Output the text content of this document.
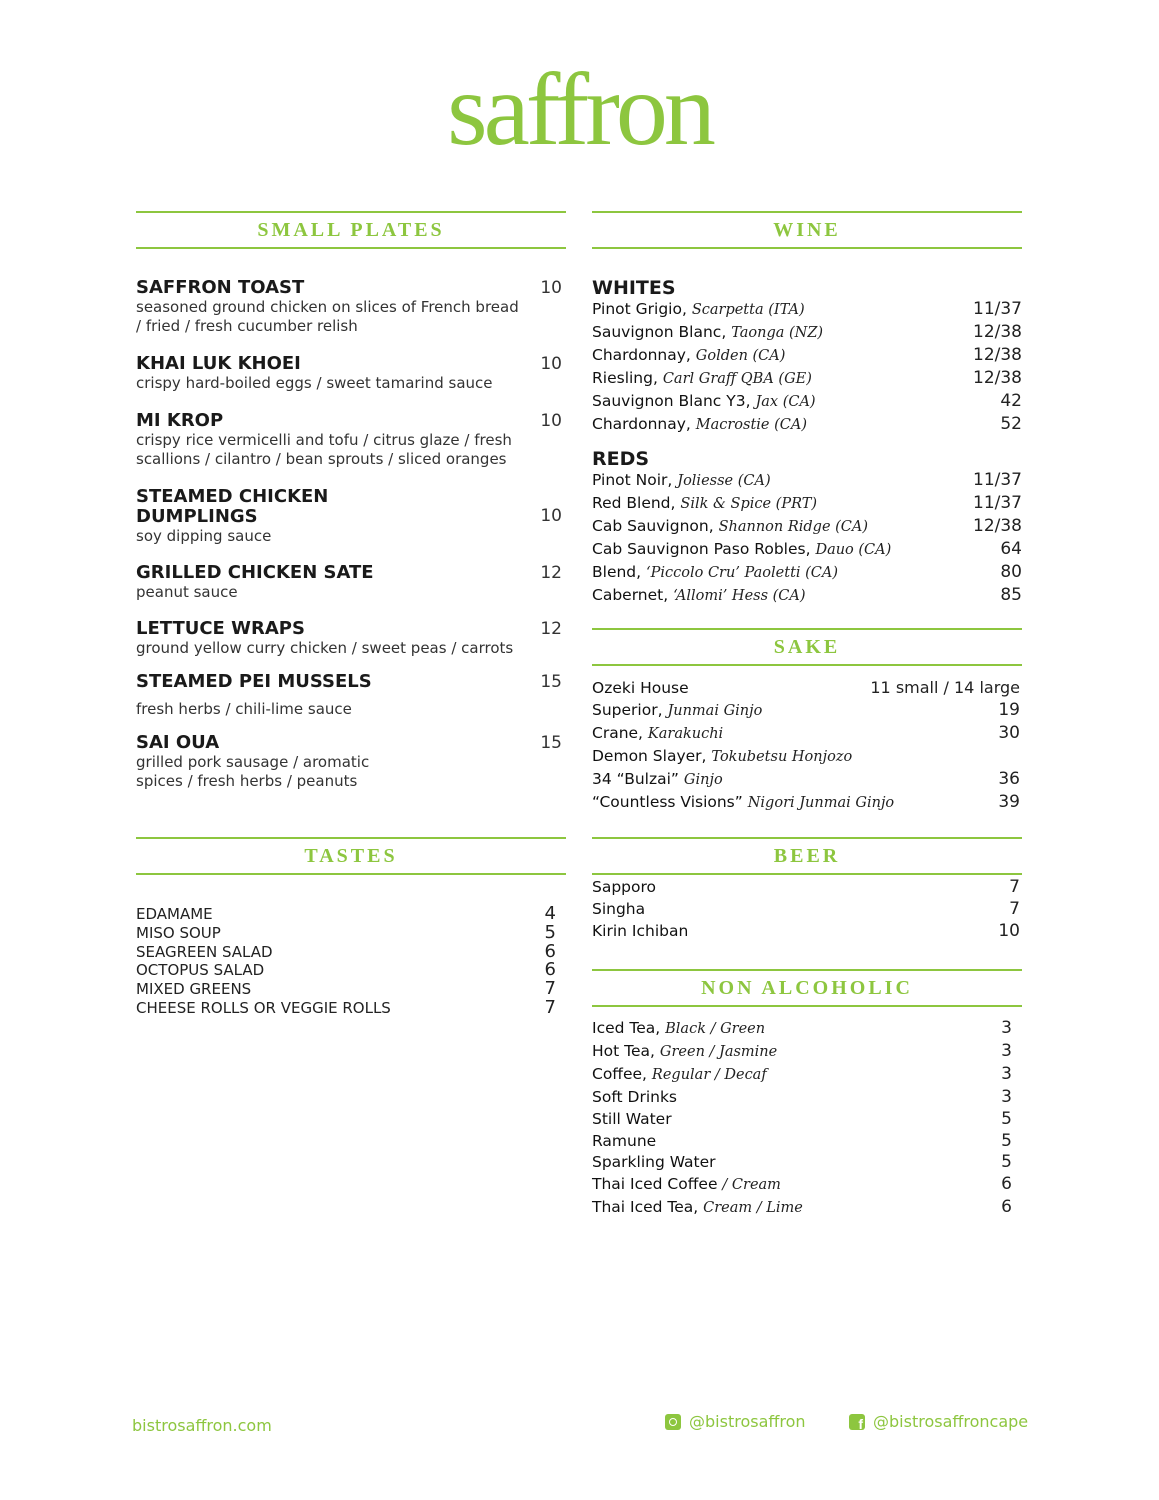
saffron
SMALL PLATES	WINE
SAKE
TASTES	BEER
NON ALCOHOLIC
SAFFRON TOAST
seasoned ground chicken on slices of French bread / fried / fresh cucumber relish
10
KHAI LUK KHOEI
crispy hard-boiled eggs / sweet tamarind sauce
10
MI KROP
crispy rice vermicelli and tofu / citrus glaze / fresh scallions / cilantro / bean sprouts / sliced oranges
10
STEAMED CHICKEN DUMPLINGS
soy dipping sauce
10
GRILLED CHICKEN SATE
peanut sauce
12
LETTUCE WRAPS
ground yellow curry chicken / sweet peas / carrots
12
STEAMED PEI MUSSELS
fresh herbs / chili-lime sauce
15
SAI OUA
grilled pork sausage / aromatic spices / fresh herbs / peanuts
15
EDAMAME	4
MISO SOUP	5
SEAGREEN SALAD	6
OCTOPUS SALAD	6
MIXED GREENS	7
CHEESE ROLLS OR VEGGIE ROLLS	7
WHITES
Pinot Grigio, Scarpetta (ITA)	11/37
Sauvignon Blanc, Taonga (NZ)	12/38
Chardonnay, Golden (CA)	12/38
Riesling, Carl Graff QBA (GE)	12/38
Sauvignon Blanc Y3, Jax (CA)	42
Chardonnay, Macrostie (CA)	52
REDS
Pinot Noir, Joliesse (CA)	11/37
Red Blend, Silk & Spice (PRT)	11/37
Cab Sauvignon, Shannon Ridge (CA)	12/38
Cab Sauvignon Paso Robles, Dauo (CA)	64
Blend, ‘Piccolo Cru’ Paoletti (CA)	80
Cabernet, ‘Allomi’ Hess (CA)	85
Ozeki House	11 small / 14 large
Superior, Junmai Ginjo	19
Crane, Karakuchi	30
Demon Slayer, Tokubetsu Honjozo
34 “Bulzai” Ginjo	36
“Countless Visions” Nigori Junmai Ginjo	39
Sapporo	7
Singha	7
Kirin Ichiban	10
Iced Tea, Black / Green	3
Hot Tea, Green / Jasmine	3
Coffee, Regular / Decaf	3
Soft Drinks	3
Still Water	5
Ramune	5
Sparkling Water	5
Thai Iced Coffee / Cream	6
Thai Iced Tea, Cream / Lime	6
bistrosaffron.com	@bistrosaffron f	@bistrosaffroncape
